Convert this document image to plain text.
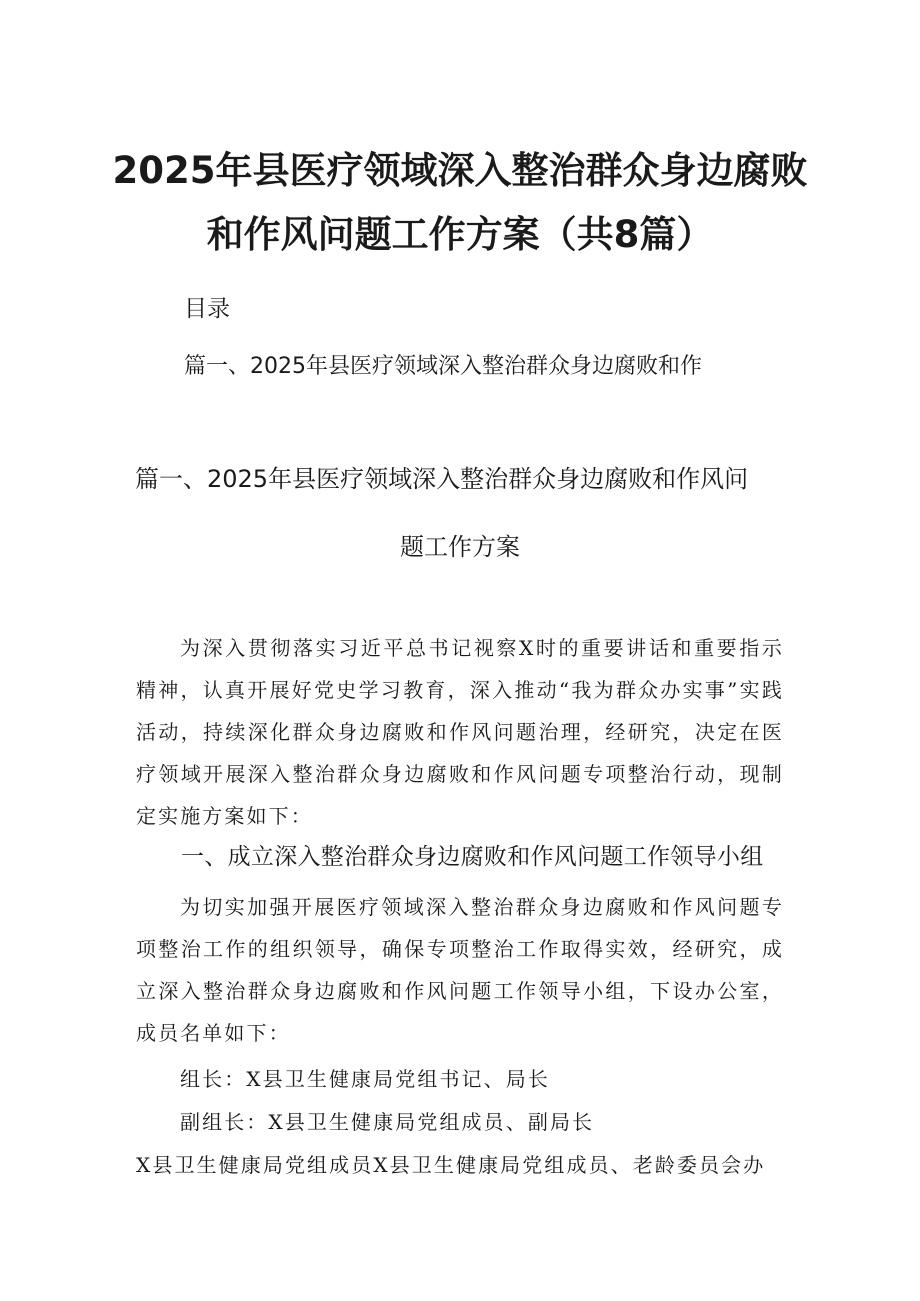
2025年县医疗领域深入整治群众身边腐败
和作风问题工作方案（共8篇）
目录
篇一、2025年县医疗领域深入整治群众身边腐败和作
篇一、2025年县医疗领域深入整治群众身边腐败和作风问
题工作方案
为深入贯彻落实习近平总书记视察X时的重要讲话和重要指示精神，认真开展好党史学习教育，深入推动“我为群众办实事”实践活动，持续深化群众身边腐败和作风问题治理，经研究，决定在医疗领域开展深入整治群众身边腐败和作风问题专项整治行动，现制定实施方案如下：
一、成立深入整治群众身边腐败和作风问题工作领导小组
为切实加强开展医疗领域深入整治群众身边腐败和作风问题专项整治工作的组织领导，确保专项整治工作取得实效，经研究，成立深入整治群众身边腐败和作风问题工作领导小组，下设办公室，成员名单如下：
组长：X县卫生健康局党组书记、局长
副组长：X县卫生健康局党组成员、副局长
X县卫生健康局党组成员X县卫生健康局党组成员、老龄委员会办
